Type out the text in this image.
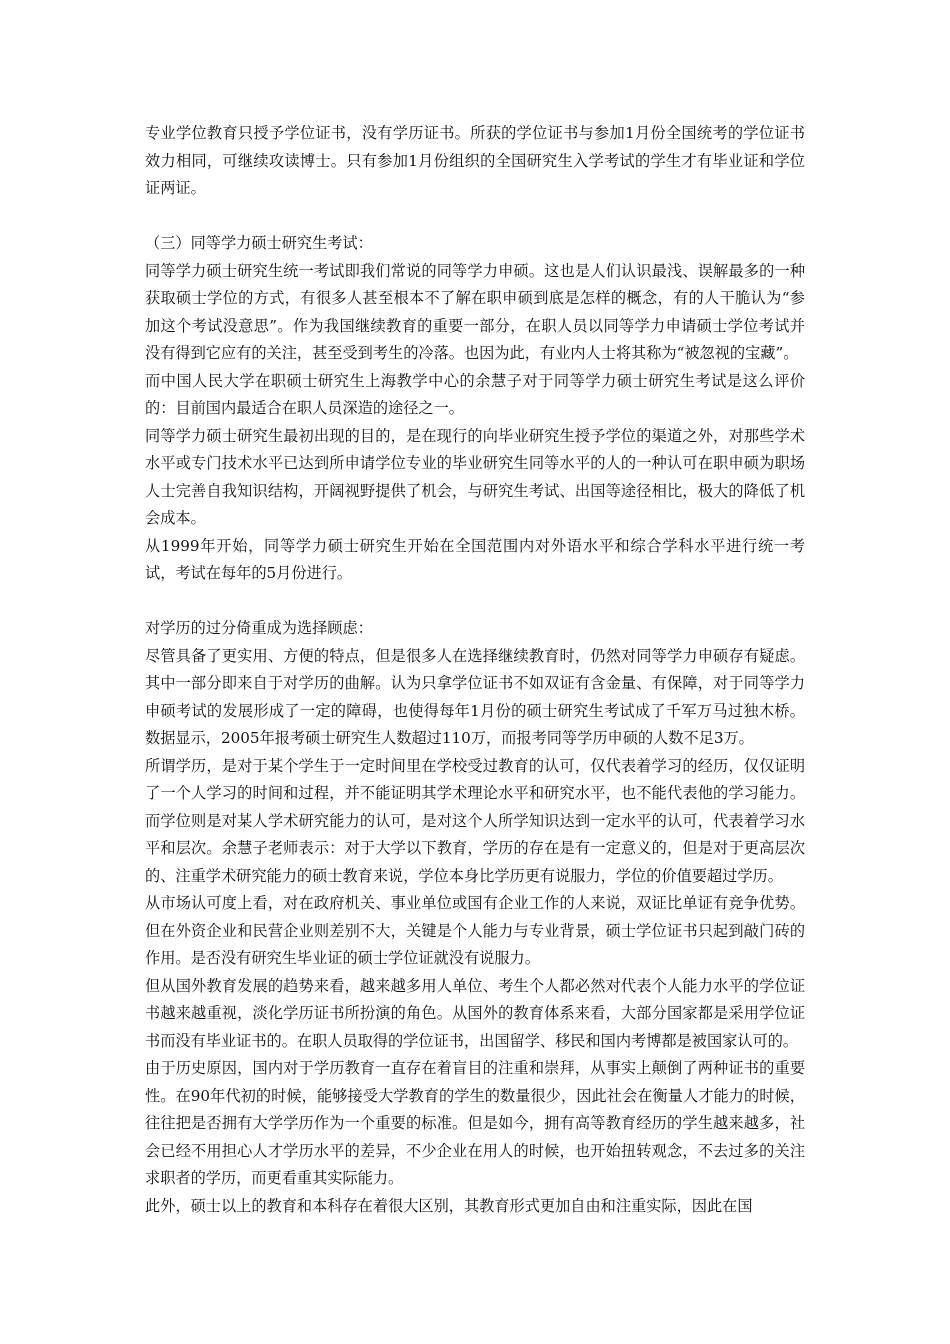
专业学位教育只授予学位证书，没有学历证书。所获的学位证书与参加1月份全国统考的学位证书效力相同，可继续攻读博士。只有参加1月份组织的全国研究生入学考试的学生才有毕业证和学位证两证。

（三）同等学力硕士研究生考试：

同等学力硕士研究生统一考试即我们常说的同等学力申硕。这也是人们认识最浅、误解最多的一种获取硕士学位的方式，有很多人甚至根本不了解在职申硕到底是怎样的概念，有的人干脆认为“参加这个考试没意思”。作为我国继续教育的重要一部分，在职人员以同等学力申请硕士学位考试并没有得到它应有的关注，甚至受到考生的冷落。也因为此，有业内人士将其称为“被忽视的宝藏”。

而中国人民大学在职硕士研究生上海教学中心的余慧子对于同等学力硕士研究生考试是这么评价的：目前国内最适合在职人员深造的途径之一。

同等学力硕士研究生最初出现的目的，是在现行的向毕业研究生授予学位的渠道之外，对那些学术水平或专门技术水平已达到所申请学位专业的毕业研究生同等水平的人的一种认可在职申硕为职场人士完善自我知识结构，开阔视野提供了机会，与研究生考试、出国等途径相比，极大的降低了机会成本。

从1999年开始，同等学力硕士研究生开始在全国范围内对外语水平和综合学科水平进行统一考试，考试在每年的5月份进行。

对学历的过分倚重成为选择顾虑：

尽管具备了更实用、方便的特点，但是很多人在选择继续教育时，仍然对同等学力申硕存有疑虑。其中一部分即来自于对学历的曲解。认为只拿学位证书不如双证有含金量、有保障，对于同等学力申硕考试的发展形成了一定的障碍，也使得每年1月份的硕士研究生考试成了千军万马过独木桥。数据显示，2005年报考硕士研究生人数超过110万，而报考同等学历申硕的人数不足3万。

所谓学历，是对于某个学生于一定时间里在学校受过教育的认可，仅代表着学习的经历，仅仅证明了一个人学习的时间和过程，并不能证明其学术理论水平和研究水平，也不能代表他的学习能力。而学位则是对某人学术研究能力的认可，是对这个人所学知识达到一定水平的认可，代表着学习水平和层次。余慧子老师表示：对于大学以下教育，学历的存在是有一定意义的，但是对于更高层次的、注重学术研究能力的硕士教育来说，学位本身比学历更有说服力，学位的价值要超过学历。

从市场认可度上看，对在政府机关、事业单位或国有企业工作的人来说，双证比单证有竞争优势。但在外资企业和民营企业则差别不大，关键是个人能力与专业背景，硕士学位证书只起到敲门砖的作用。是否没有研究生毕业证的硕士学位证就没有说服力。

但从国外教育发展的趋势来看，越来越多用人单位、考生个人都必然对代表个人能力水平的学位证书越来越重视，淡化学历证书所扮演的角色。从国外的教育体系来看，大部分国家都是采用学位证书而没有毕业证书的。在职人员取得的学位证书，出国留学、移民和国内考博都是被国家认可的。

由于历史原因，国内对于学历教育一直存在着盲目的注重和崇拜，从事实上颠倒了两种证书的重要性。在90年代初的时候，能够接受大学教育的学生的数量很少，因此社会在衡量人才能力的时候，往往把是否拥有大学学历作为一个重要的标准。但是如今，拥有高等教育经历的学生越来越多，社会已经不用担心人才学历水平的差异，不少企业在用人的时候，也开始扭转观念，不去过多的关注求职者的学历，而更看重其实际能力。

此外，硕士以上的教育和本科存在着很大区别，其教育形式更加自由和注重实际，因此在国
